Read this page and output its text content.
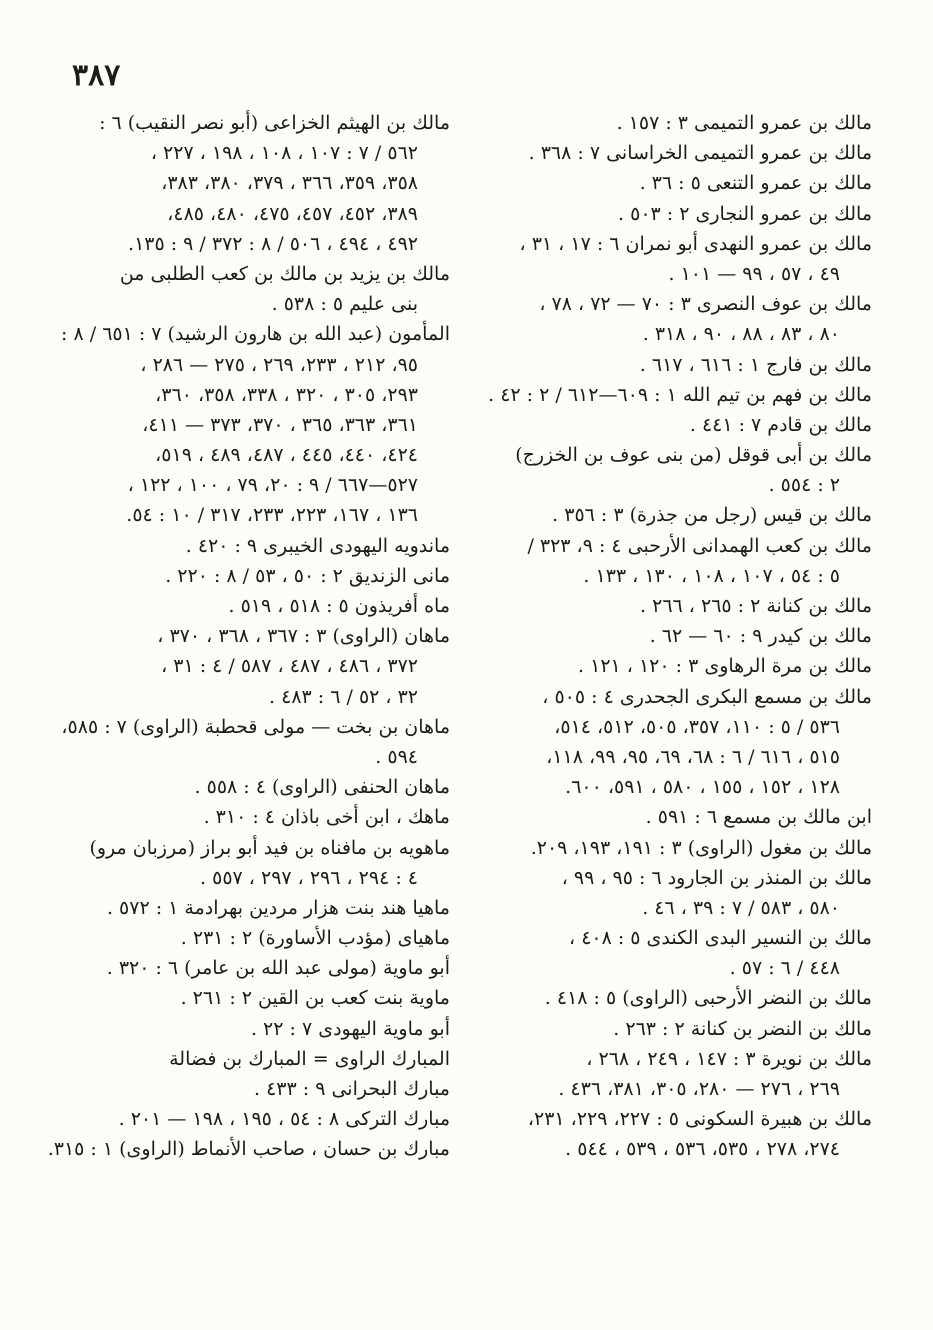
٣٨٧
مالك بن عمرو التميمى ٣ : ١٥٧ .
مالك بن عمرو التميمى الخراسانى ٧ : ٣٦٨ .
مالك بن عمرو التنعى ٥ : ٣٦ .
مالك بن عمرو النجارى ٢ : ٥٠٣ .
مالك بن عمرو النهدى أبو نمران ٦ : ١٧ ، ٣١ ،
٤٩ ، ٥٧ ، ٩٩ — ١٠١ .
مالك بن عوف النصرى ٣ : ٧٠ — ٧٢ ، ٧٨ ،
٨٠ ، ٨٣ ، ٨٨ ، ٩٠ ، ٣١٨ .
مالك بن فارج ١ : ٦١٦ ، ٦١٧ .
مالك بن فهم بن تيم الله ١ : ٦٠٩—٦١٢ / ٢ : ٤٢ .
مالك بن قادم ٧ : ٤٤١ .
مالك بن أبى قوقل (من بنى عوف بن الخزرج)
٢ : ٥٥٤ .
مالك بن قيس (رجل من جذرة) ٣ : ٣٥٦ .
مالك بن كعب الهمدانى الأرحبى ٤ : ٩، ٣٢٣ /
٥ : ٥٤ ، ١٠٧ ، ١٠٨ ، ١٣٠ ، ١٣٣ .
مالك بن كنانة ٢ : ٢٦٥ ، ٢٦٦ .
مالك بن كيدر ٩ : ٦٠ — ٦٢ .
مالك بن مرة الرهاوى ٣ : ١٢٠ ، ١٢١ .
مالك بن مسمع البكرى الجحدرى ٤ : ٥٠٥ ،
٥٣٦ / ٥ : ١١٠، ٣٥٧، ٥٠٥، ٥١٢، ٥١٤،
٥١٥ ، ٦١٦ / ٦ : ٦٨، ٦٩، ٩٥، ٩٩، ١١٨،
١٢٨ ، ١٥٢ ، ١٥٥ ، ٥٨٠ ، ٥٩١، ٦٠٠.
ابن مالك بن مسمع ٦ : ٥٩١ .
مالك بن مغول (الراوى) ٣ : ١٩١، ١٩٣، ٢٠٩.
مالك بن المنذر بن الجارود ٦ : ٩٥ ، ٩٩ ،
٥٨٠ ، ٥٨٣ / ٧ : ٣٩ ، ٤٦ .
مالك بن النسير البدى الكندى ٥ : ٤٠٨ ،
٤٤٨ / ٦ : ٥٧ .
مالك بن النضر الأرحبى (الراوى) ٥ : ٤١٨ .
مالك بن النضر بن كنانة ٢ : ٢٦٣ .
مالك بن نويرة ٣ : ١٤٧ ، ٢٤٩ ، ٢٦٨ ،
٢٦٩ ، ٢٧٦ — ٢٨٠، ٣٠٥، ٣٨١، ٤٣٦ .
مالك بن هبيرة السكونى ٥ : ٢٢٧، ٢٢٩، ٢٣١،
٢٧٤، ٢٧٨ ، ٥٣٥، ٥٣٦ ، ٥٣٩ ، ٥٤٤ .
مالك بن الهيثم الخزاعى (أبو نصر النقيب) ٦ :
٥٦٢ / ٧ : ١٠٧ ، ١٠٨ ، ١٩٨ ، ٢٢٧ ،
٣٥٨، ٣٥٩، ٣٦٦ ، ٣٧٩، ٣٨٠، ٣٨٣،
٣٨٩، ٤٥٢، ٤٥٧، ٤٧٥، ٤٨٠، ٤٨٥،
٤٩٢ ، ٤٩٤ ، ٥٠٦ / ٨ : ٣٧٢ / ٩ : ١٣٥.
مالك بن يزيد بن مالك بن كعب الطلبى من
بنى عليم ٥ : ٥٣٨ .
المأمون (عبد الله بن هارون الرشيد) ٧ : ٦٥١ / ٨ :
٩٥، ٢١٢ ، ٢٣٣، ٢٦٩ ، ٢٧٥ — ٢٨٦ ،
٢٩٣، ٣٠٥ ، ٣٢٠ ، ٣٣٨، ٣٥٨، ٣٦٠،
٣٦١، ٣٦٣، ٣٦٥ ، ٣٧٠، ٣٧٣ — ٤١١،
٤٢٤، ٤٤٠، ٤٤٥ ، ٤٨٧، ٤٨٩ ، ٥١٩،
٥٢٧—٦٦٧ / ٩ : ٢٠، ٧٩ ، ١٠٠ ، ١٢٢ ،
١٣٦ ، ١٦٧، ٢٢٣، ٢٣٣، ٣١٧ / ١٠ : ٥٤.
ماندويه اليهودى الخيبرى ٩ : ٤٢٠ .
مانى الزنديق ٢ : ٥٠ ، ٥٣ / ٨ : ٢٢٠ .
ماه أفريذون ٥ : ٥١٨ ، ٥١٩ .
ماهان (الراوى) ٣ : ٣٦٧ ، ٣٦٨ ، ٣٧٠ ،
٣٧٢ ، ٤٨٦ ، ٤٨٧ ، ٥٨٧ / ٤ : ٣١ ،
٣٢ ، ٥٢ / ٦ : ٤٨٣ .
ماهان بن بخت — مولى قحطبة (الراوى) ٧ : ٥٨٥،
٥٩٤ .
ماهان الحنفى (الراوى) ٤ : ٥٥٨ .
ماهك ، ابن أخى باذان ٤ : ٣١٠ .
ماهويه بن مافناه بن فيد أبو براز (مرزبان مرو)
٤ : ٢٩٤ ، ٢٩٦ ، ٢٩٧ ، ٥٥٧ .
ماهيا هند بنت هزار مردين بهرادمة ١ : ٥٧٢ .
ماهياى (مؤدب الأساورة) ٢ : ٢٣١ .
أبو ماوية (مولى عبد الله بن عامر) ٦ : ٣٢٠ .
ماوية بنت كعب بن القين ٢ : ٢٦١ .
أبو ماوية اليهودى ٧ : ٢٢ .
المبارك الراوى = المبارك بن فضالة
مبارك البحرانى ٩ : ٤٣٣ .
مبارك التركى ٨ : ٥٤ ، ١٩٥ ، ١٩٨ — ٢٠١ .
مبارك بن حسان ، صاحب الأنماط (الراوى) ١ : ٣١٥.
